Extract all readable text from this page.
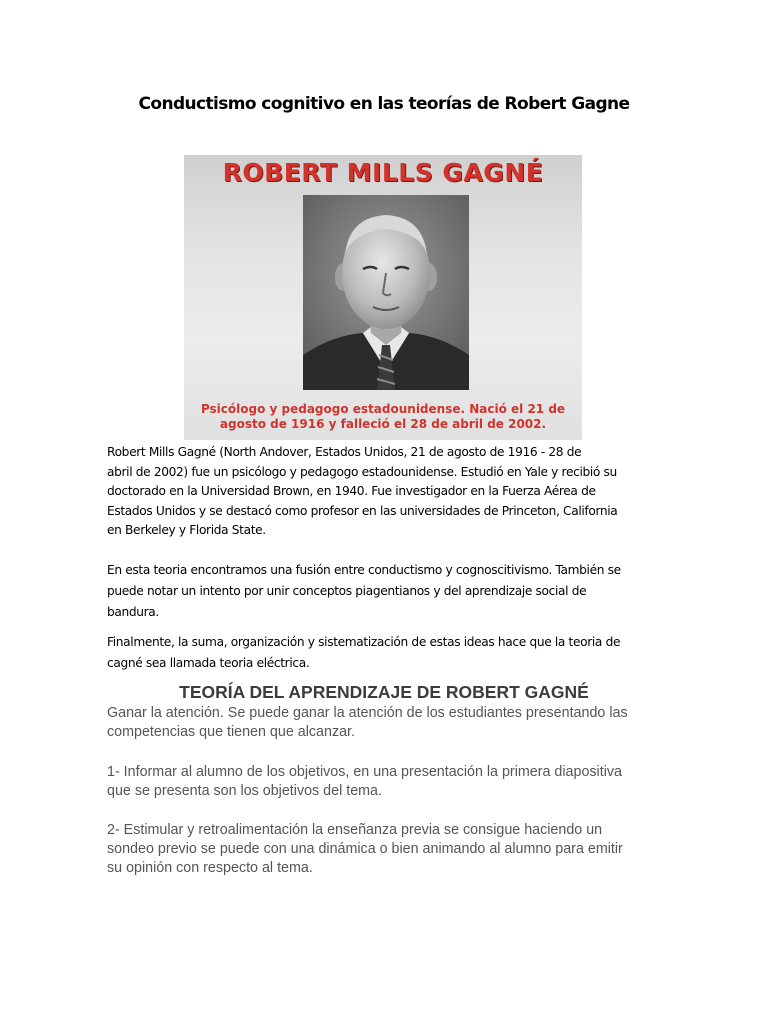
Conductismo cognitivo en las teorías de Robert Gagne
ROBERT MILLS GAGNÉ
Psicólogo y pedagogo estadounidense. Nació el 21 de
agosto de 1916 y falleció el 28 de abril de 2002.
Robert Mills Gagné (North Andover, Estados Unidos, 21 de agosto de 1916 - 28 de
abril de 2002) fue un psicólogo y pedagogo estadounidense. Estudió en Yale y recibió su
doctorado en la Universidad Brown, en 1940. Fue investigador en la Fuerza Aérea de
Estados Unidos y se destacó como profesor en las universidades de Princeton, California
en Berkeley y Florida State.
En esta teoria encontramos una fusión entre conductismo y cognoscitivismo. También se
puede notar un intento por unir conceptos piagentianos y del aprendizaje social de
bandura.
Finalmente, la suma, organización y sistematización de estas ideas hace que la teoria de
cagné sea llamada teoria eléctrica.
TEORÍA DEL APRENDIZAJE DE ROBERT GAGNÉ
Ganar la atención. Se puede ganar la atención de los estudiantes presentando las
competencias que tienen que alcanzar.
1- Informar al alumno de los objetivos, en una presentación la primera diapositiva
que se presenta son los objetivos del tema.
2- Estimular y retroalimentación la enseñanza previa se consigue haciendo un
sondeo previo se puede con una dinámica o bien animando al alumno para emitir
su opinión con respecto al tema.
